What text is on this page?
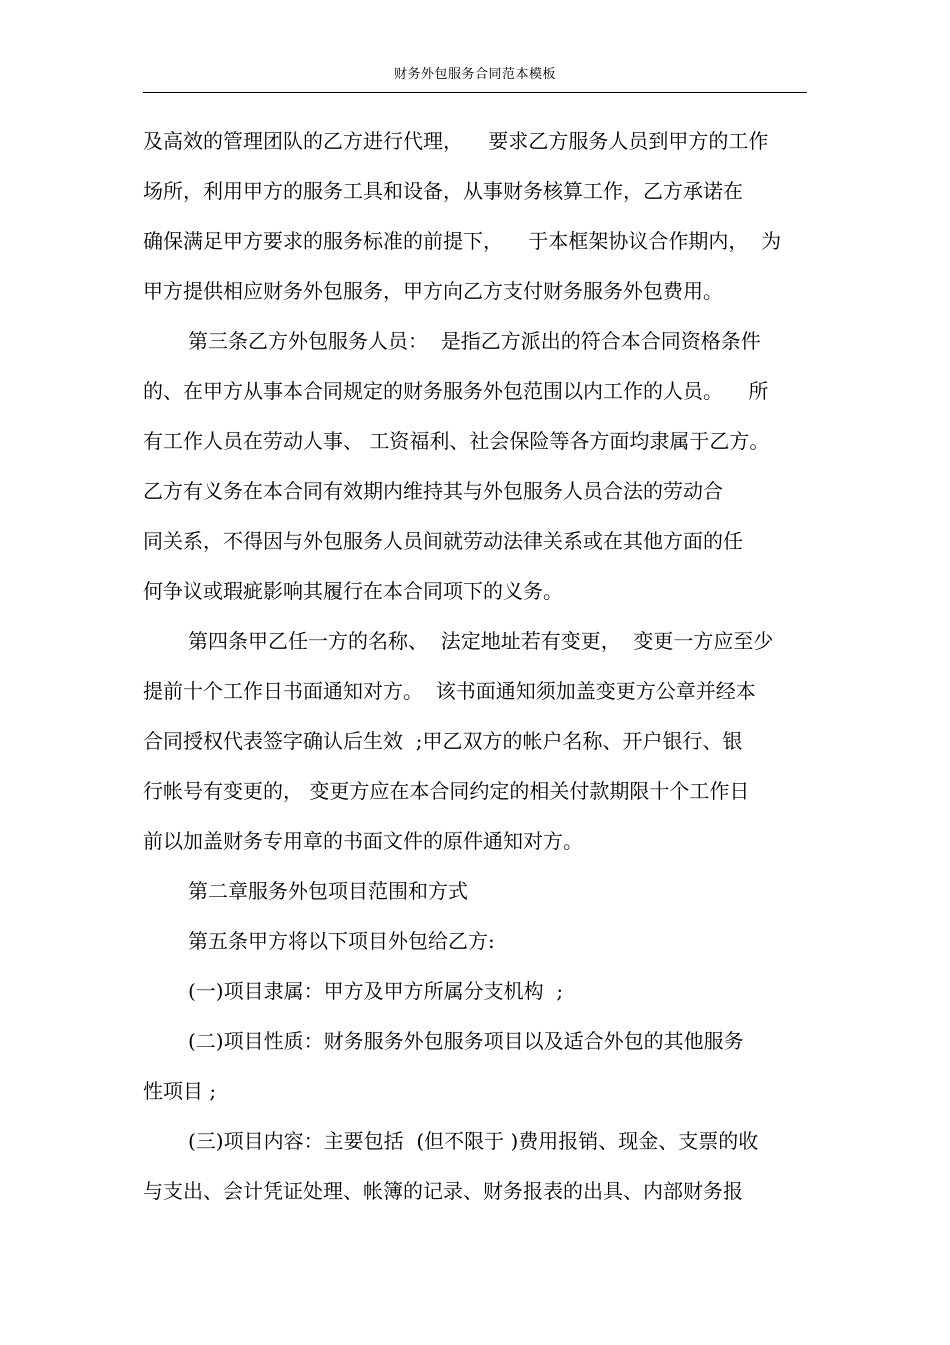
财务外包服务合同范本模板
及高效的管理团队的乙方进行代理，    要求乙方服务人员到甲方的工作
场所，利用甲方的服务工具和设备，从事财务核算工作，乙方承诺在
确保满足甲方要求的服务标准的前提下，    于本框架协议合作期内，  为
甲方提供相应财务外包服务，甲方向乙方支付财务服务外包费用。
第三条乙方外包服务人员：  是指乙方派出的符合本合同资格条件
的、在甲方从事本合同规定的财务服务外包范围以内工作的人员。    所
有工作人员在劳动人事、 工资福利、社会保险等各方面均隶属于乙方。
乙方有义务在本合同有效期内维持其与外包服务人员合法的劳动合
同关系，不得因与外包服务人员间就劳动法律关系或在其他方面的任
何争议或瑕疵影响其履行在本合同项下的义务。
第四条甲乙任一方的名称、  法定地址若有变更，  变更一方应至少
提前十个工作日书面通知对方。  该书面通知须加盖变更方公章并经本
合同授权代表签字确认后生效  ;甲乙双方的帐户名称、开户银行、银
行帐号有变更的， 变更方应在本合同约定的相关付款期限十个工作日
前以加盖财务专用章的书面文件的原件通知对方。
第二章服务外包项目范围和方式
第五条甲方将以下项目外包给乙方:
(一)项目隶属：甲方及甲方所属分支机构  ;
(二)项目性质：财务服务外包服务项目以及适合外包的其他服务
性项目 ;
(三)项目内容：主要包括  (但不限于 )费用报销、现金、支票的收
与支出、会计凭证处理、帐簿的记录、财务报表的出具、内部财务报
